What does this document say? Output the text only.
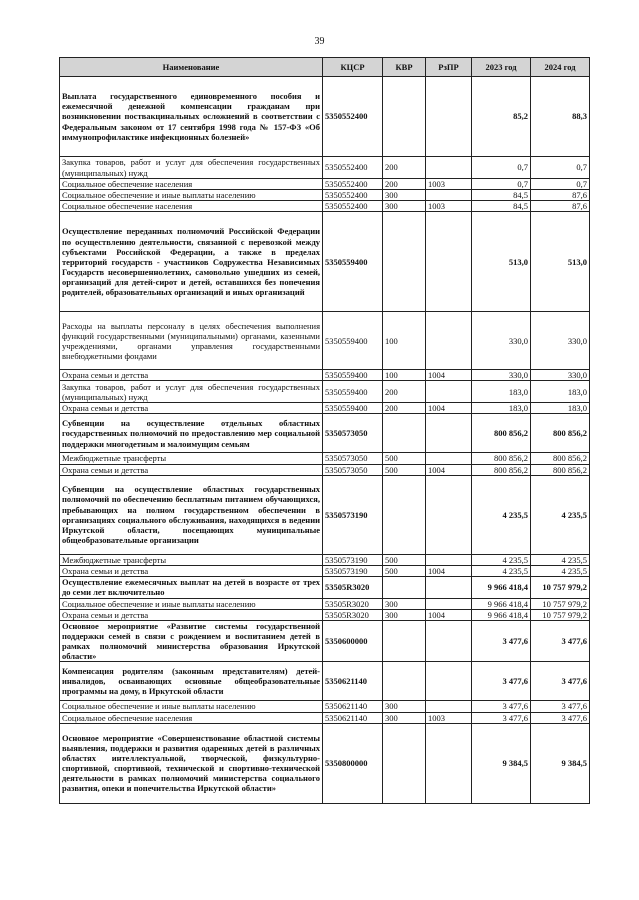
39
Наименование	КЦСР	КВР	РзПР	2023 год	2024 год
Выплата государственного единовременного пособия и ежемесячной денежной компенсации гражданам при возникновении поствакцинальных осложнений в соответствии с Федеральным законом от 17 сентября 1998 года № 157-ФЗ «Об иммунопрофилактике инфекционных болезней»	5350552400			85,2	88,3
Закупка товаров, работ и услуг для обеспечения государственных (муниципальных) нужд	5350552400	200		0,7	0,7
Социальное обеспечение населения	5350552400	200	1003	0,7	0,7
Социальное обеспечение и иные выплаты населению	5350552400	300		84,5	87,6
Социальное обеспечение населения	5350552400	300	1003	84,5	87,6
Осуществление переданных полномочий Российской Федерации по осуществлению деятельности, связанной с перевозкой между субъектами Российской Федерации, а также в пределах территорий государств - участников Содружества Независимых Государств несовершеннолетних, самовольно ушедших из семей, организаций для детей-сирот и детей, оставшихся без попечения родителей, образовательных организаций и иных организаций	5350559400			513,0	513,0
Расходы на выплаты персоналу в целях обеспечения выполнения функций государственными (муниципальными) органами, казенными учреждениями, органами управления государственными внебюджетными фондами	5350559400	100		330,0	330,0
Охрана семьи и детства	5350559400	100	1004	330,0	330,0
Закупка товаров, работ и услуг для обеспечения государственных (муниципальных) нужд	5350559400	200		183,0	183,0
Охрана семьи и детства	5350559400	200	1004	183,0	183,0
Субвенции на осуществление отдельных областных государственных полномочий по предоставлению мер социальной поддержки многодетным и малоимущим семьям	5350573050			800 856,2	800 856,2
Межбюджетные трансферты	5350573050	500		800 856,2	800 856,2
Охрана семьи и детства	5350573050	500	1004	800 856,2	800 856,2
Субвенции на осуществление областных государственных полномочий по обеспечению бесплатным питанием обучающихся, пребывающих на полном государственном обеспечении в организациях социального обслуживания, находящихся в ведении Иркутской области, посещающих муниципальные общеобразовательные организации	5350573190			4 235,5	4 235,5
Межбюджетные трансферты	5350573190	500		4 235,5	4 235,5
Охрана семьи и детства	5350573190	500	1004	4 235,5	4 235,5
Осуществление ежемесячных выплат на детей в возрасте от трех до семи лет включительно	53505R3020			9 966 418,4	10 757 979,2
Социальное обеспечение и иные выплаты населению	53505R3020	300		9 966 418,4	10 757 979,2
Охрана семьи и детства	53505R3020	300	1004	9 966 418,4	10 757 979,2
Основное мероприятие «Развитие системы государственной поддержки семей в связи с рождением и воспитанием детей в рамках полномочий министерства образования Иркутской области»	5350600000			3 477,6	3 477,6
Компенсация родителям (законным представителям) детей-инвалидов, осваивающих основные общеобразовательные программы на дому, в Иркутской области	5350621140			3 477,6	3 477,6
Социальное обеспечение и иные выплаты населению	5350621140	300		3 477,6	3 477,6
Социальное обеспечение населения	5350621140	300	1003	3 477,6	3 477,6
Основное мероприятие «Совершенствование областной системы выявления, поддержки и развития одаренных детей в различных областях интеллектуальной, творческой, физкультурно-спортивной, спортивной, технической и спортивно-технической деятельности в рамках полномочий министерства социального развития, опеки и попечительства Иркутской области»	5350800000			9 384,5	9 384,5
